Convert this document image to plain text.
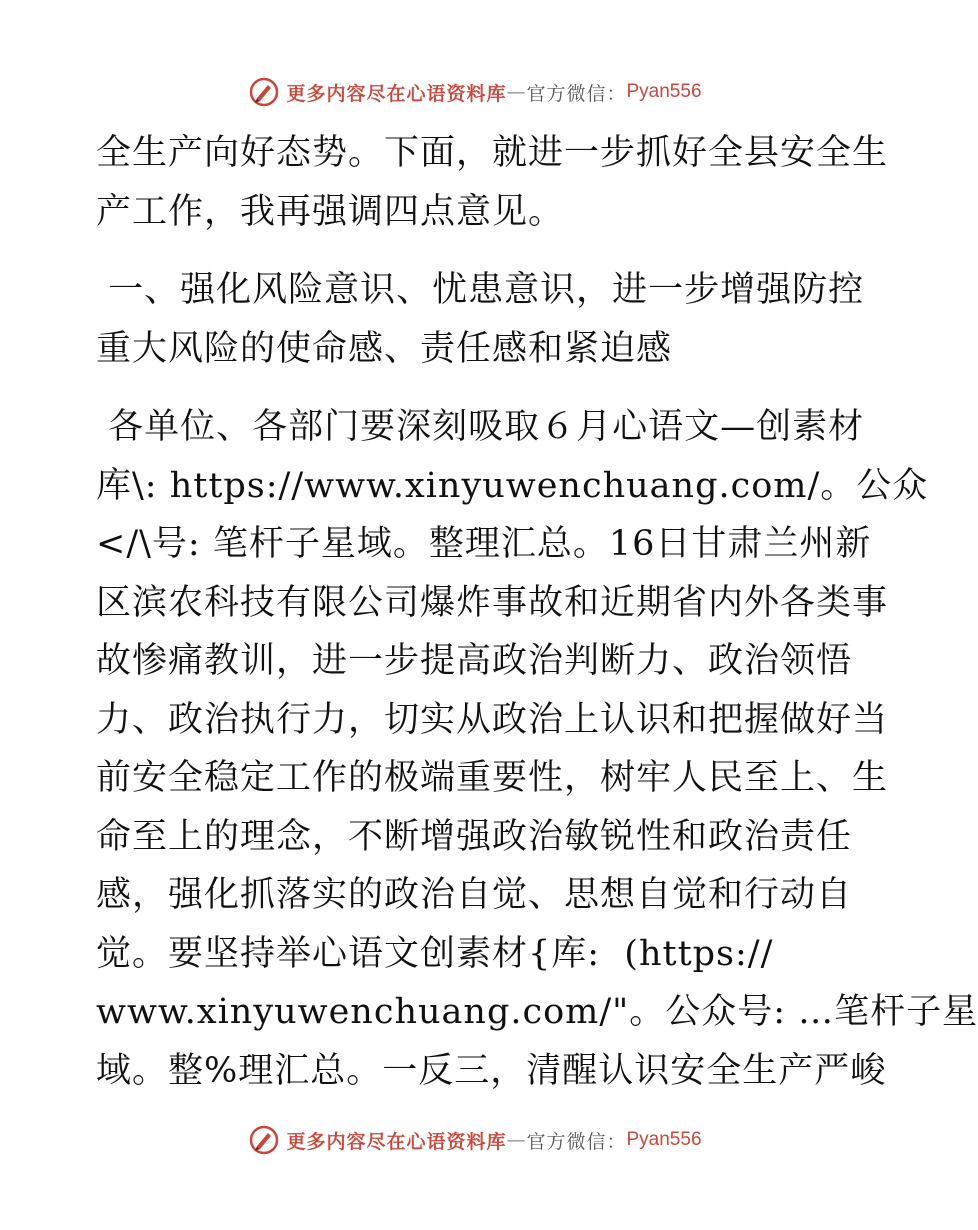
更多内容尽在心语资料库 — 官方微信： Pyan556
全生产向好态势。下面，就进一步抓好全县安全生
产工作，我再强调四点意见。
一、强化风险意识、忧患意识，进一步增强防控
重大风险的使命感、责任感和紧迫感
各单位、各部门要深刻吸取６月心语文—创素材
库\: https://www.xinyuwenchuang.com/。公众
</\号: 笔杆子星域。整理汇总。16日甘肃兰州新
区滨农科技有限公司爆炸事故和近期省内外各类事
故惨痛教训，进一步提高政治判断力、政治领悟
力、政治执行力，切实从政治上认识和把握做好当
前安全稳定工作的极端重要性，树牢人民至上、生
命至上的理念，不断增强政治敏锐性和政治责任
感，强化抓落实的政治自觉、思想自觉和行动自
觉。要坚持举心语文创素材{库:  (https://
www.xinyuwenchuang.com/"。公众号: …笔杆子星
域。整%理汇总。一反三，清醒认识安全生产严峻
更多内容尽在心语资料库 — 官方微信： Pyan556
